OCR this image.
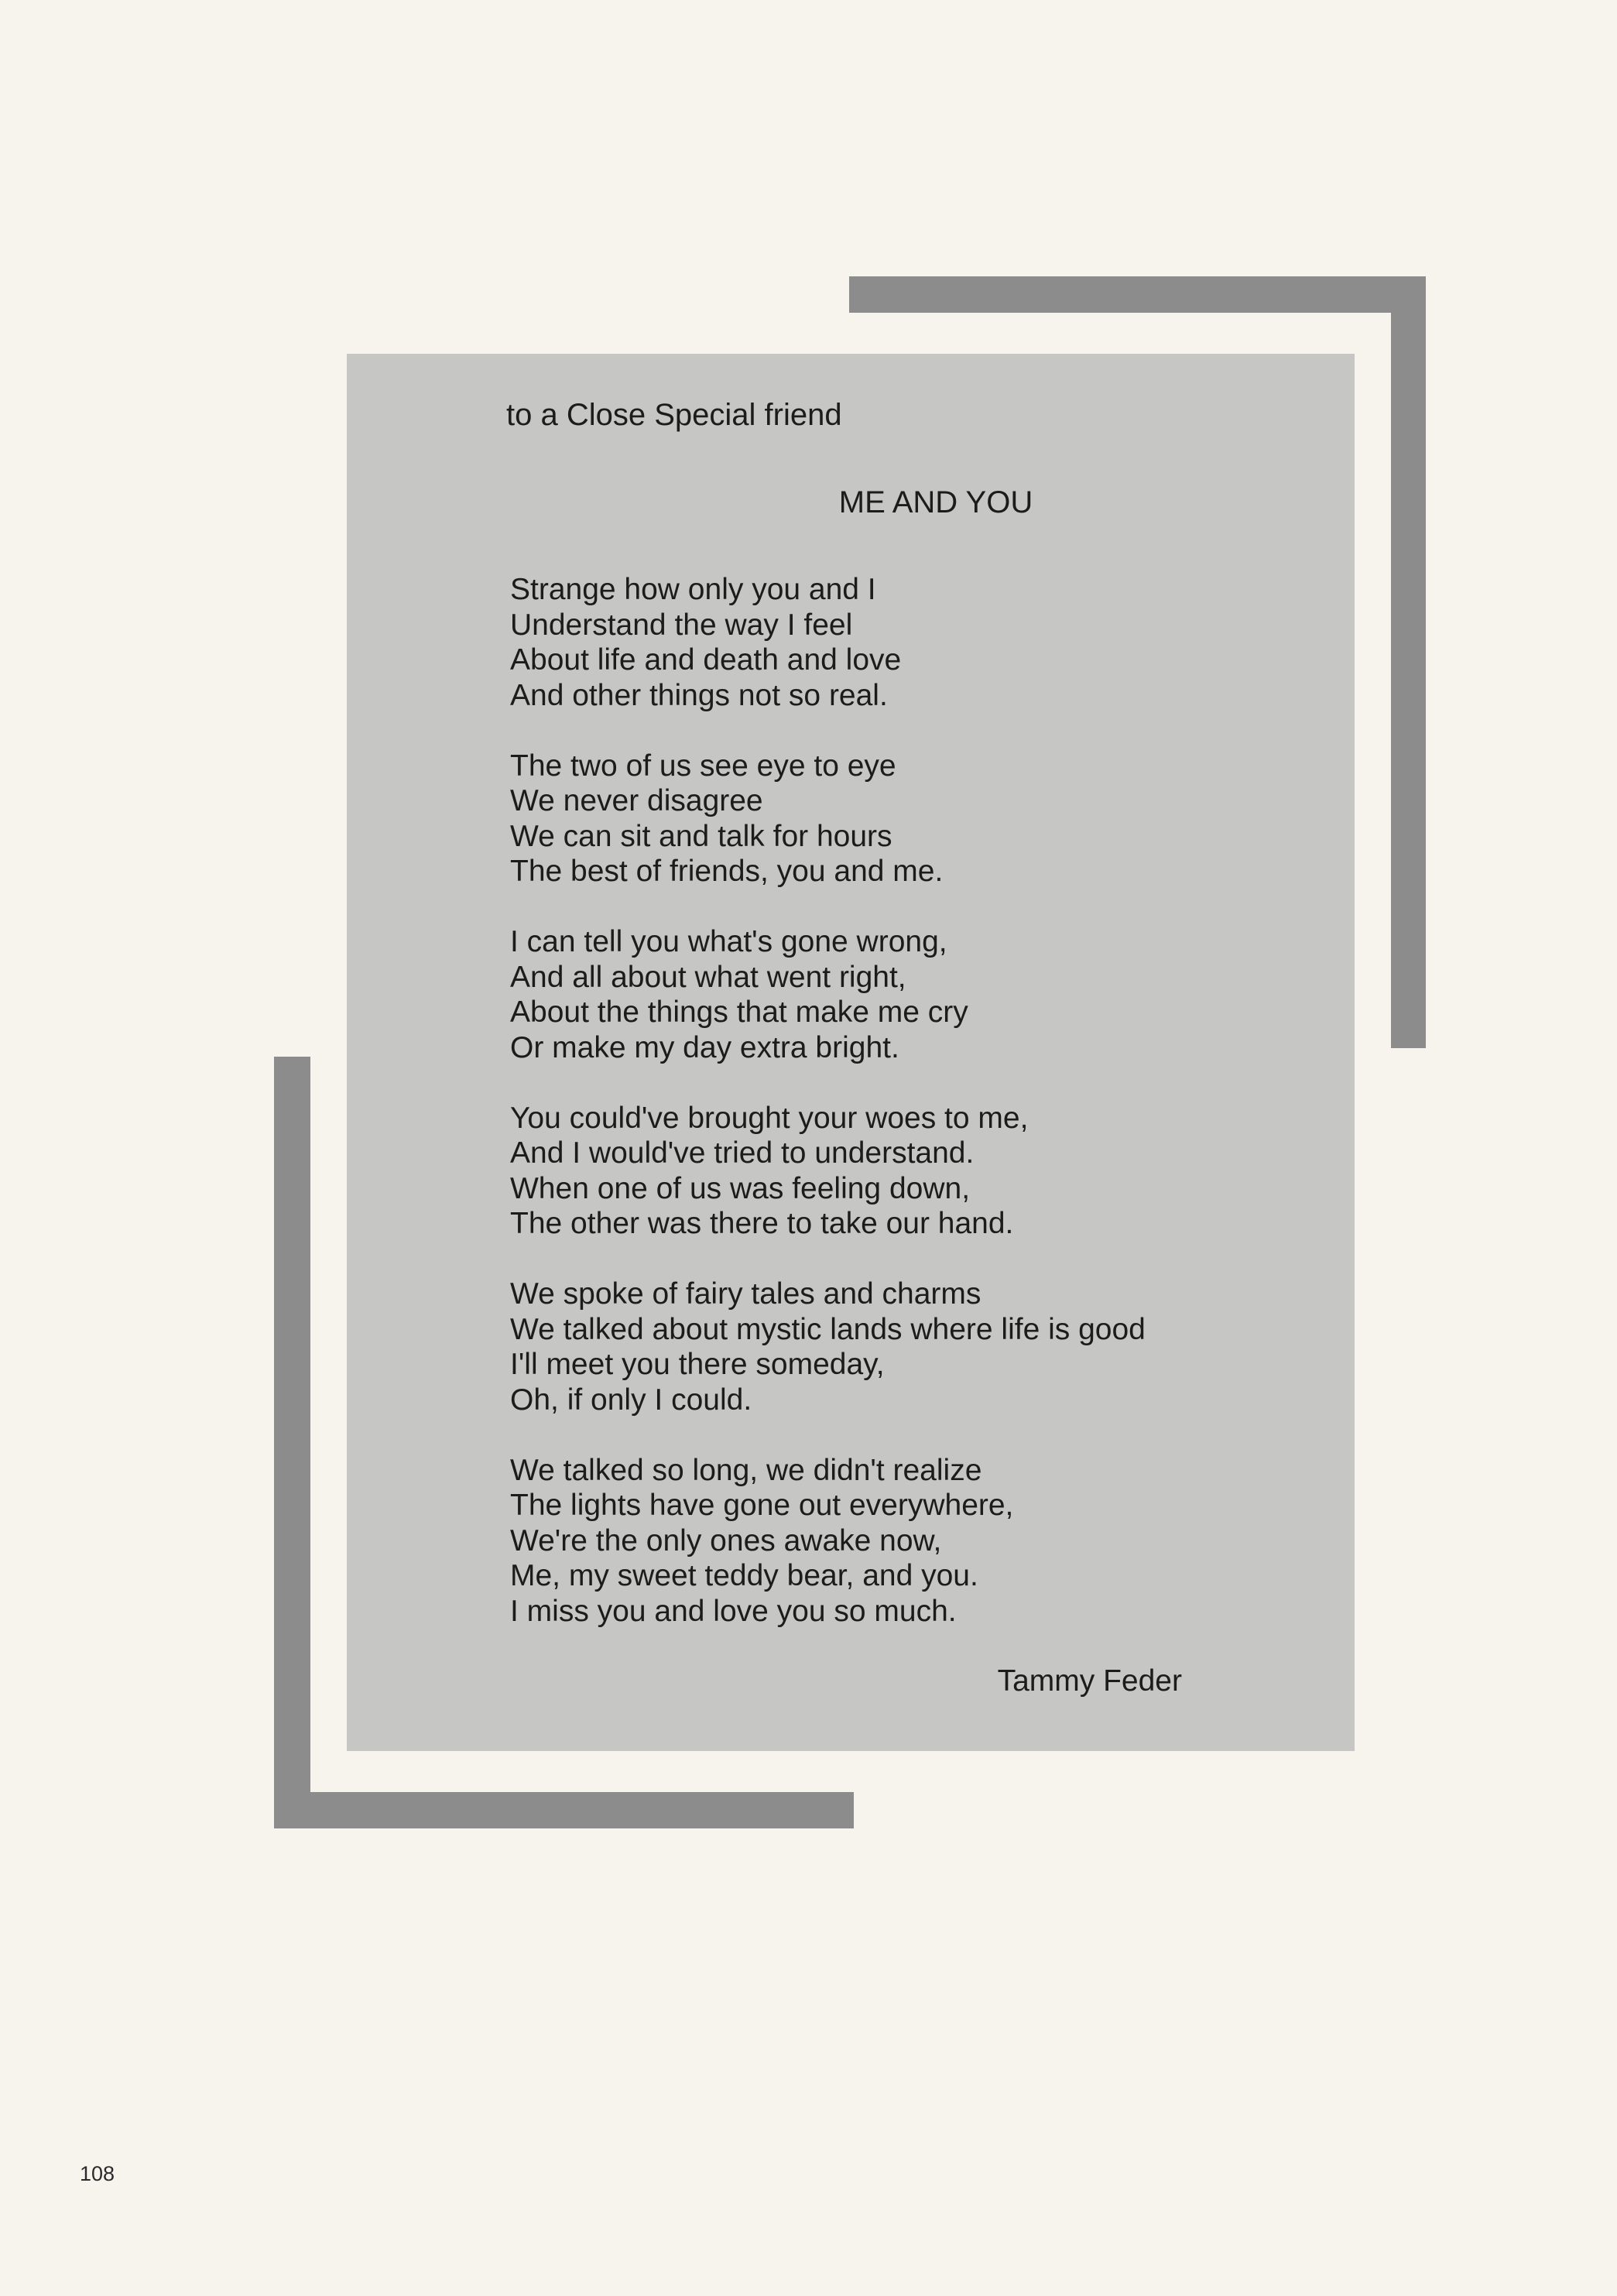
to a Close Special friend
ME AND YOU
Strange how only you and I
Understand the way I feel
About life and death and love
And other things not so real.
The two of us see eye to eye
We never disagree
We can sit and talk for hours
The best of friends, you and me.
I can tell you what's gone wrong,
And all about what went right,
About the things that make me cry
Or make my day extra bright.
You could've brought your woes to me,
And I would've tried to understand.
When one of us was feeling down,
The other was there to take our hand.
We spoke of fairy tales and charms
We talked about mystic lands where life is good
I'll meet you there someday,
Oh, if only I could.
We talked so long, we didn't realize
The lights have gone out everywhere,
We're the only ones awake now,
Me, my sweet teddy bear, and you.
I miss you and love you so much.
Tammy Feder
108
